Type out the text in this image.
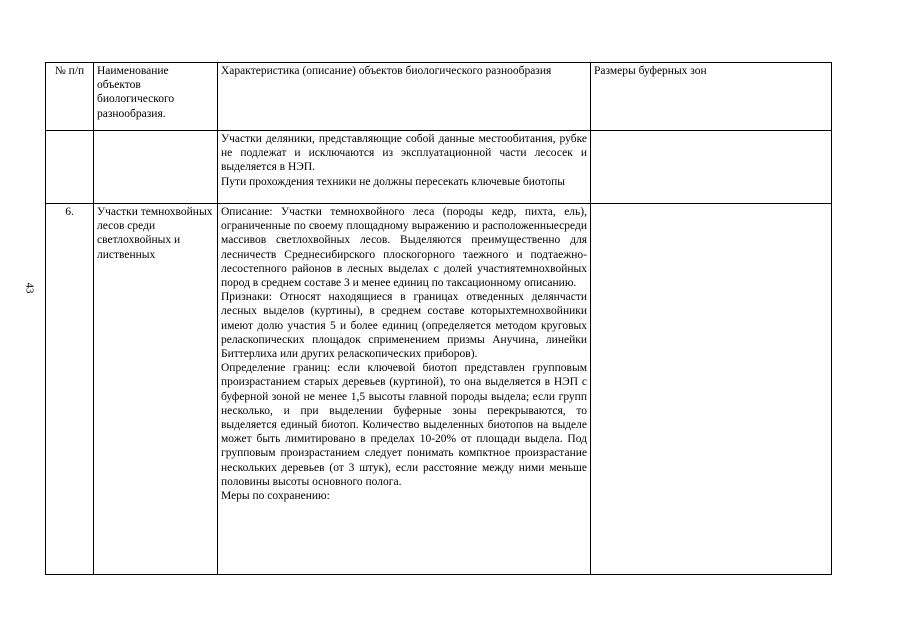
43
№ п/п	Наименование объектов биологического разнообразия.	Характеристика (описание) объектов биологического разнообразия	Размеры буферных зон

		Участки деляники, представляющие собой данные местообитания, рубке не подлежат и исключаются из эксплуатационной части лесосек и выделяется в НЭП.
Пути прохождения техники не должны пересекать ключевые биотопы	

6.	Участки темнохвойных лесов среди светлохвойных и лиственных	Описание: Участки темнохвойного леса (породы кедр, пихта, ель), ограниченные по своему площадному выражению и расположенныесреди массивов светлохвойных лесов. Выделяются преимущественно для лесничеств Среднесибирского плоскогорного таежного и подтаежно-лесостепного районов в лесных выделах с долей участиятемнохвойных пород в среднем составе 3 и менее единиц по таксационному описанию.
Признаки: Относят находящиеся в границах отведенных делянчасти лесных выделов (куртины), в среднем составе которыхтемнохвойники имеют долю участия 5 и более единиц (определяется методом круговых реласкопических площадок сприменением призмы Анучина, линейки Биттерлиха или других реласкопических приборов).
Определение границ: если ключевой биотоп представлен групповым произрастанием старых деревьев (куртиной), то она выделяется в НЭП с буферной зоной не менее 1,5 высоты главной породы выдела; если групп несколько, и при выделении буферные зоны перекрываются, то выделяется единый биотоп. Количество выделенных биотопов на выделе может быть лимитировано в пределах 10-20% от площади выдела. Под групповым произрастанием следует понимать компктное произрастание нескольких деревьев (от 3 штук), если расстояние между ними меньше половины высоты основного полога.
Меры по сохранению:	
